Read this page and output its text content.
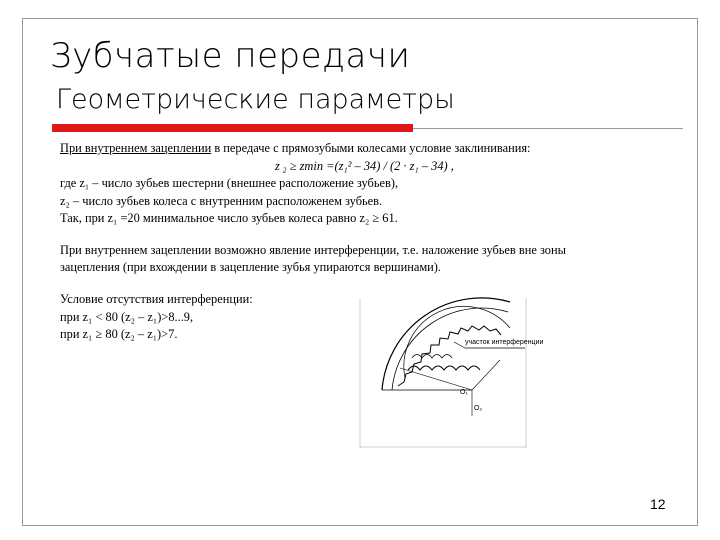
Зубчатые передачи
Геометрические параметры
При внутреннем зацеплении в передаче с прямозубыми колесами условие заклинивания:
z ₂ ≥ zmin =(z₁² – 34) / (2 · z₁ – 34) ,
где z₁ – число зубьев шестерни (внешнее расположение зубьев),
z₂ – число зубьев колеса с внутренним расположенем зубьев.
Так, при z₁ =20 минимальное число зубьев колеса равно z₂ ≥ 61.
При внутреннем зацеплении возможно явление интерференции, т.е. наложение зубьев вне зоны
зацепления (при вхождении в зацепление зубья упираются вершинами).
Условие отсутствия интерференции:
при z₁ < 80 (z₂ – z₁)>8...9,
при z₁ ≥ 80 (z₂ – z₁)>7.
участок интерференции
O₁
O₂
12
